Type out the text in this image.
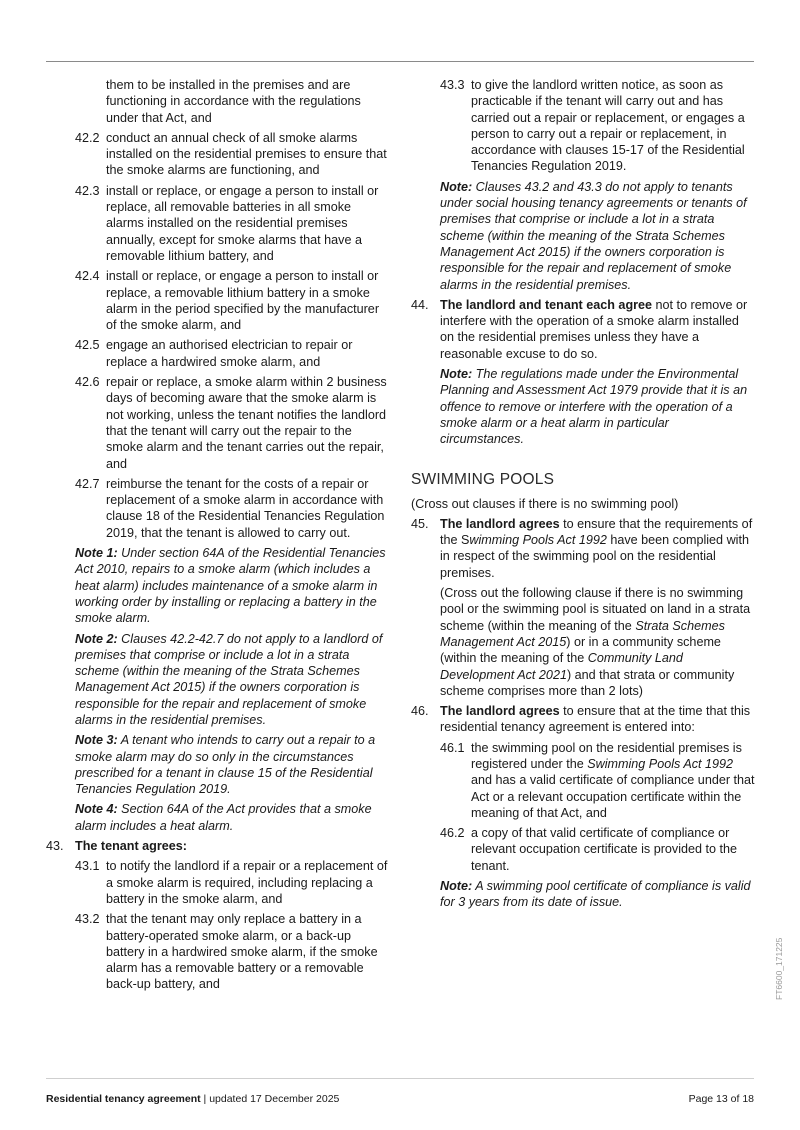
them to be installed in the premises and are functioning in accordance with the regulations under that Act, and

42.2 conduct an annual check of all smoke alarms installed on the residential premises to ensure that the smoke alarms are functioning, and
42.3 install or replace, or engage a person to install or replace, all removable batteries in all smoke alarms installed on the residential premises annually, except for smoke alarms that have a removable lithium battery, and
42.4 install or replace, or engage a person to install or replace, a removable lithium battery in a smoke alarm in the period specified by the manufacturer of the smoke alarm, and
42.5 engage an authorised electrician to repair or replace a hardwired smoke alarm, and
42.6 repair or replace, a smoke alarm within 2 business days of becoming aware that the smoke alarm is not working, unless the tenant notifies the landlord that the tenant will carry out the repair to the smoke alarm and the tenant carries out the repair, and
42.7 reimburse the tenant for the costs of a repair or replacement of a smoke alarm in accordance with clause 18 of the Residential Tenancies Regulation 2019, that the tenant is allowed to carry out.

Note 1: Under section 64A of the Residential Tenancies Act 2010, repairs to a smoke alarm (which includes a heat alarm) includes maintenance of a smoke alarm in working order by installing or replacing a battery in the smoke alarm.

Note 2: Clauses 42.2-42.7 do not apply to a landlord of premises that comprise or include a lot in a strata scheme (within the meaning of the Strata Schemes Management Act 2015) if the owners corporation is responsible for the repair and replacement of smoke alarms in the residential premises.

Note 3: A tenant who intends to carry out a repair to a smoke alarm may do so only in the circumstances prescribed for a tenant in clause 15 of the Residential Tenancies Regulation 2019.

Note 4: Section 64A of the Act provides that a smoke alarm includes a heat alarm.

43. The tenant agrees:
43.1 to notify the landlord if a repair or a replacement of a smoke alarm is required, including replacing a battery in the smoke alarm, and
43.2 that the tenant may only replace a battery in a battery-operated smoke alarm, or a back-up battery in a hardwired smoke alarm, if the smoke alarm has a removable battery or a removable back-up battery, and
43.3 to give the landlord written notice, as soon as practicable if the tenant will carry out and has carried out a repair or replacement, or engages a person to carry out a repair or replacement, in accordance with clauses 15-17 of the Residential Tenancies Regulation 2019.

Note: Clauses 43.2 and 43.3 do not apply to tenants under social housing tenancy agreements or tenants of premises that comprise or include a lot in a strata scheme (within the meaning of the Strata Schemes Management Act 2015) if the owners corporation is responsible for the repair and replacement of smoke alarms in the residential premises.

44. The landlord and tenant each agree not to remove or interfere with the operation of a smoke alarm installed on the residential premises unless they have a reasonable excuse to do so.

Note: The regulations made under the Environmental Planning and Assessment Act 1979 provide that it is an offence to remove or interfere with the operation of a smoke alarm or a heat alarm in particular circumstances.

SWIMMING POOLS

(Cross out clauses if there is no swimming pool)

45. The landlord agrees to ensure that the requirements of the Swimming Pools Act 1992 have been complied with in respect of the swimming pool on the residential premises.

(Cross out the following clause if there is no swimming pool or the swimming pool is situated on land in a strata scheme (within the meaning of the Strata Schemes Management Act 2015) or in a community scheme (within the meaning of the Community Land Development Act 2021) and that strata or community scheme comprises more than 2 lots)

46. The landlord agrees to ensure that at the time that this residential tenancy agreement is entered into:
46.1 the swimming pool on the residential premises is registered under the Swimming Pools Act 1992 and has a valid certificate of compliance under that Act or a relevant occupation certificate within the meaning of that Act, and
46.2 a copy of that valid certificate of compliance or relevant occupation certificate is provided to the tenant.

Note: A swimming pool certificate of compliance is valid for 3 years from its date of issue.

FT6600_171225
Residential tenancy agreement | updated 17 December 2025	Page 13 of 18
